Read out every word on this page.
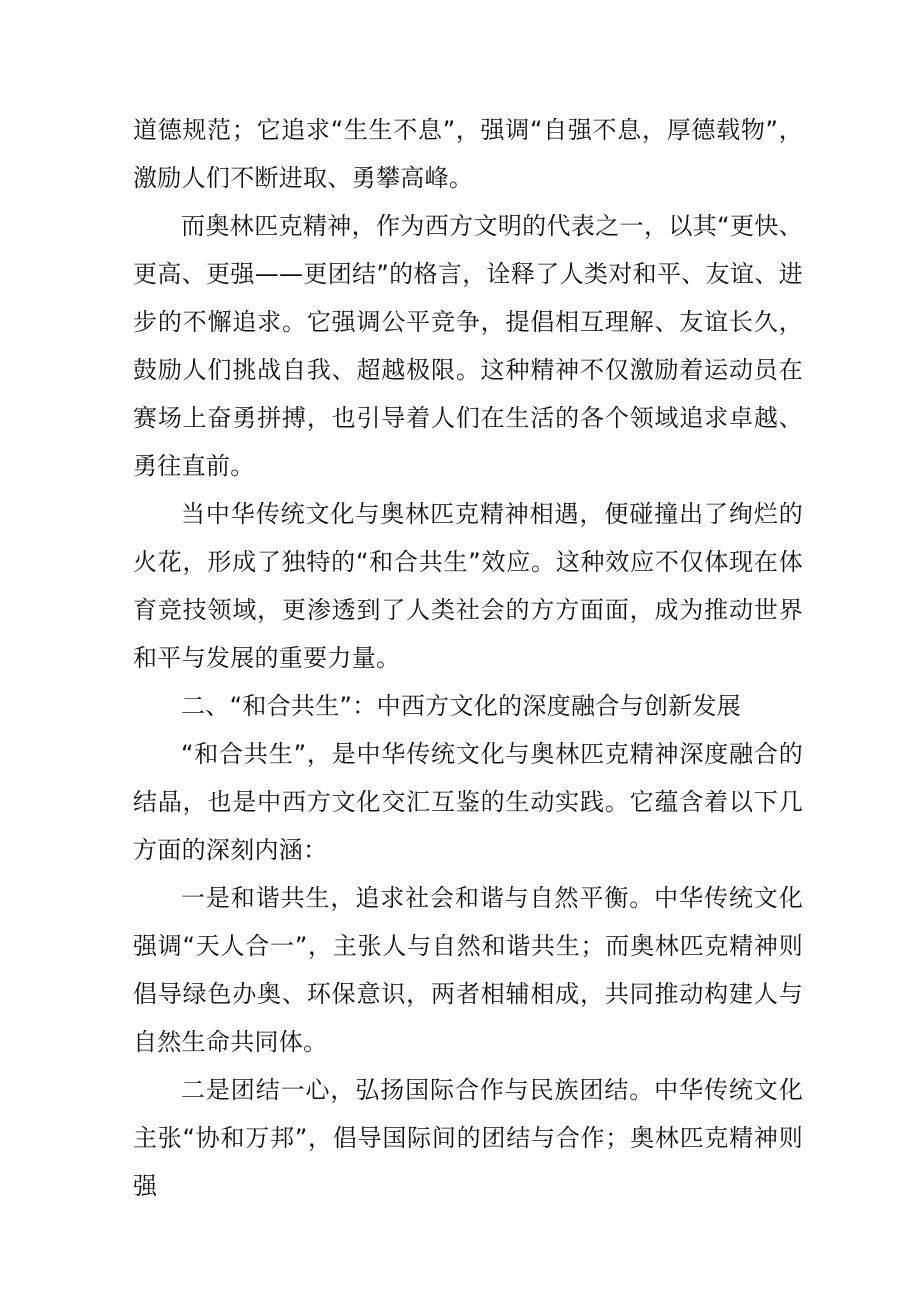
道德规范；它追求“生生不息”，强调“自强不息，厚德载物”，激励人们不断进取、勇攀高峰。

而奥林匹克精神，作为西方文明的代表之一，以其“更快、更高、更强——更团结”的格言，诠释了人类对和平、友谊、进步的不懈追求。它强调公平竞争，提倡相互理解、友谊长久，鼓励人们挑战自我、超越极限。这种精神不仅激励着运动员在赛场上奋勇拼搏，也引导着人们在生活的各个领域追求卓越、勇往直前。

当中华传统文化与奥林匹克精神相遇，便碰撞出了绚烂的火花，形成了独特的“和合共生”效应。这种效应不仅体现在体育竞技领域，更渗透到了人类社会的方方面面，成为推动世界和平与发展的重要力量。

二、“和合共生”：中西方文化的深度融合与创新发展

“和合共生”，是中华传统文化与奥林匹克精神深度融合的结晶，也是中西方文化交汇互鉴的生动实践。它蕴含着以下几方面的深刻内涵：

一是和谐共生，追求社会和谐与自然平衡。中华传统文化强调“天人合一”，主张人与自然和谐共生；而奥林匹克精神则倡导绿色办奥、环保意识，两者相辅相成，共同推动构建人与自然生命共同体。

二是团结一心，弘扬国际合作与民族团结。中华传统文化主张“协和万邦”，倡导国际间的团结与合作；奥林匹克精神则强
